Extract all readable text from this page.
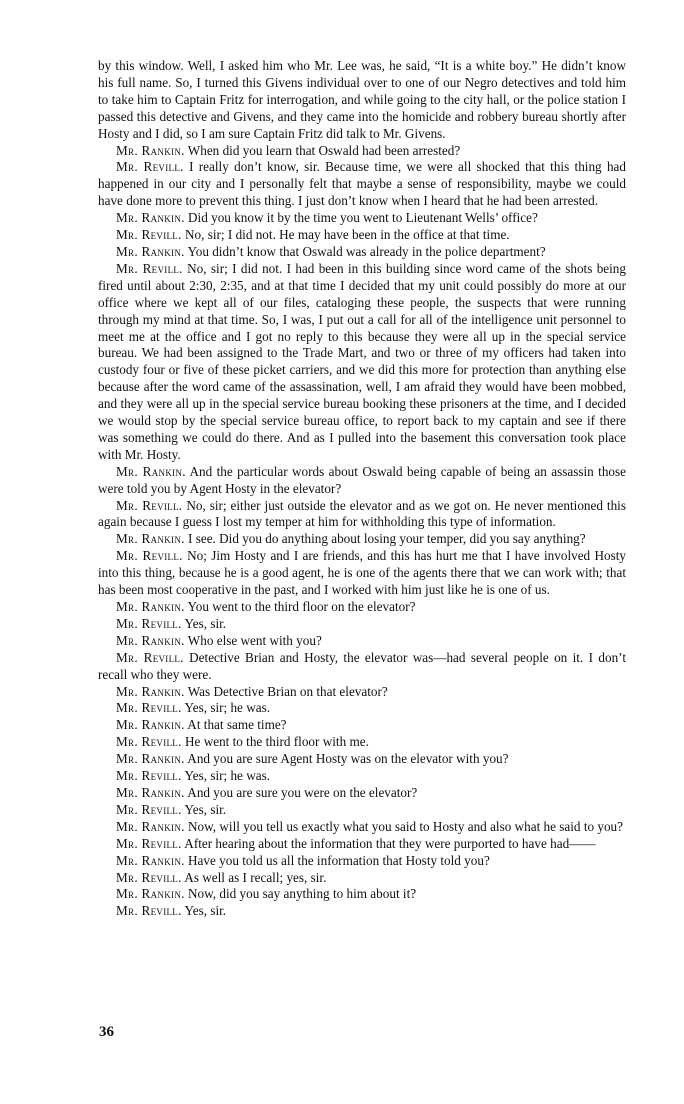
by this window. Well, I asked him who Mr. Lee was, he said, “It is a white boy.” He didn’t know his full name. So, I turned this Givens individual over to one of our Negro detectives and told him to take him to Captain Fritz for interrogation, and while going to the city hall, or the police station I passed this detective and Givens, and they came into the homicide and robbery bureau shortly after Hosty and I did, so I am sure Captain Fritz did talk to Mr. Givens.

Mr. Rankin. When did you learn that Oswald had been arrested?

Mr. Revill. I really don’t know, sir. Because time, we were all shocked that this thing had happened in our city and I personally felt that maybe a sense of responsibility, maybe we could have done more to prevent this thing. I just don’t know when I heard that he had been arrested.

Mr. Rankin. Did you know it by the time you went to Lieutenant Wells’ office?

Mr. Revill. No, sir; I did not. He may have been in the office at that time.

Mr. Rankin. You didn’t know that Oswald was already in the police department?

Mr. Revill. No, sir; I did not. I had been in this building since word came of the shots being fired until about 2:30, 2:35, and at that time I decided that my unit could possibly do more at our office where we kept all of our files, cataloging these people, the suspects that were running through my mind at that time. So, I was, I put out a call for all of the intelligence unit personnel to meet me at the office and I got no reply to this because they were all up in the special service bureau. We had been assigned to the Trade Mart, and two or three of my officers had taken into custody four or five of these picket carriers, and we did this more for protection than anything else because after the word came of the assassination, well, I am afraid they would have been mobbed, and they were all up in the special service bureau booking these prisoners at the time, and I decided we would stop by the special service bureau office, to report back to my captain and see if there was something we could do there. And as I pulled into the basement this conversation took place with Mr. Hosty.

Mr. Rankin. And the particular words about Oswald being capable of being an assassin those were told you by Agent Hosty in the elevator?

Mr. Revill. No, sir; either just outside the elevator and as we got on. He never mentioned this again because I guess I lost my temper at him for withholding this type of information.

Mr. Rankin. I see. Did you do anything about losing your temper, did you say anything?

Mr. Revill. No; Jim Hosty and I are friends, and this has hurt me that I have involved Hosty into this thing, because he is a good agent, he is one of the agents there that we can work with; that has been most cooperative in the past, and I worked with him just like he is one of us.

Mr. Rankin. You went to the third floor on the elevator?

Mr. Revill. Yes, sir.

Mr. Rankin. Who else went with you?

Mr. Revill. Detective Brian and Hosty, the elevator was—had several people on it. I don’t recall who they were.

Mr. Rankin. Was Detective Brian on that elevator?

Mr. Revill. Yes, sir; he was.

Mr. Rankin. At that same time?

Mr. Revill. He went to the third floor with me.

Mr. Rankin. And you are sure Agent Hosty was on the elevator with you?

Mr. Revill. Yes, sir; he was.

Mr. Rankin. And you are sure you were on the elevator?

Mr. Revill. Yes, sir.

Mr. Rankin. Now, will you tell us exactly what you said to Hosty and also what he said to you?

Mr. Revill. After hearing about the information that they were purported to have had——

Mr. Rankin. Have you told us all the information that Hosty told you?

Mr. Revill. As well as I recall; yes, sir.

Mr. Rankin. Now, did you say anything to him about it?

Mr. Revill. Yes, sir.

36
